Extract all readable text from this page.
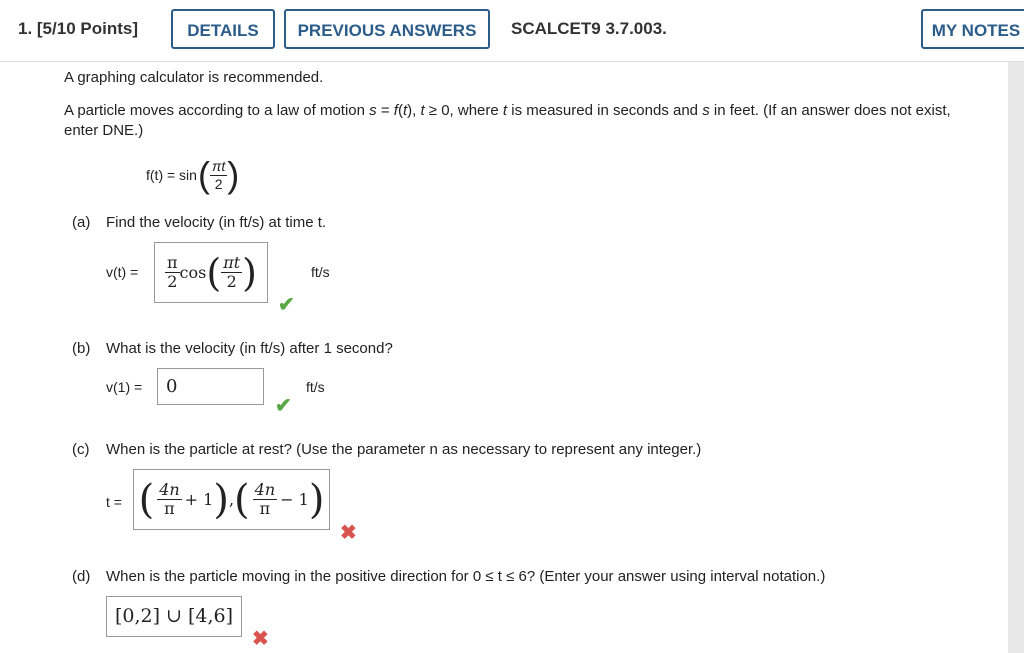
1. [5/10 Points]	DETAILS	PREVIOUS ANSWERS	SCALCET9 3.7.003.	MY NOTES
A graphing calculator is recommended.
A particle moves according to a law of motion s = f(t), t ≥ 0, where t is measured in seconds and s in feet. (If an answer does not exist,
enter DNE.)
f(t) = sin ( $\frac{\pi t}{2}$ )
(a) Find the velocity (in ft/s) at time t.
$v(t) = \frac{\pi}{2}$ cos ( $\frac{\pi t}{2}$ )	ft/s
✔
(b) What is the velocity (in ft/s) after 1 second?
v(1) =	0	ft/s
✔
(c) When is the particle at rest? (Use the parameter n as necessary to represent any integer.)
t = ( $\frac{4n}{\pi} + 1$ ) , ( $\frac{4n}{\pi} - 1$ )
✖
(d) When is the particle moving in the positive direction for 0 ≤ t ≤ 6? (Enter your answer using interval notation.)
[0,2] ∪ [4,6]
✖
